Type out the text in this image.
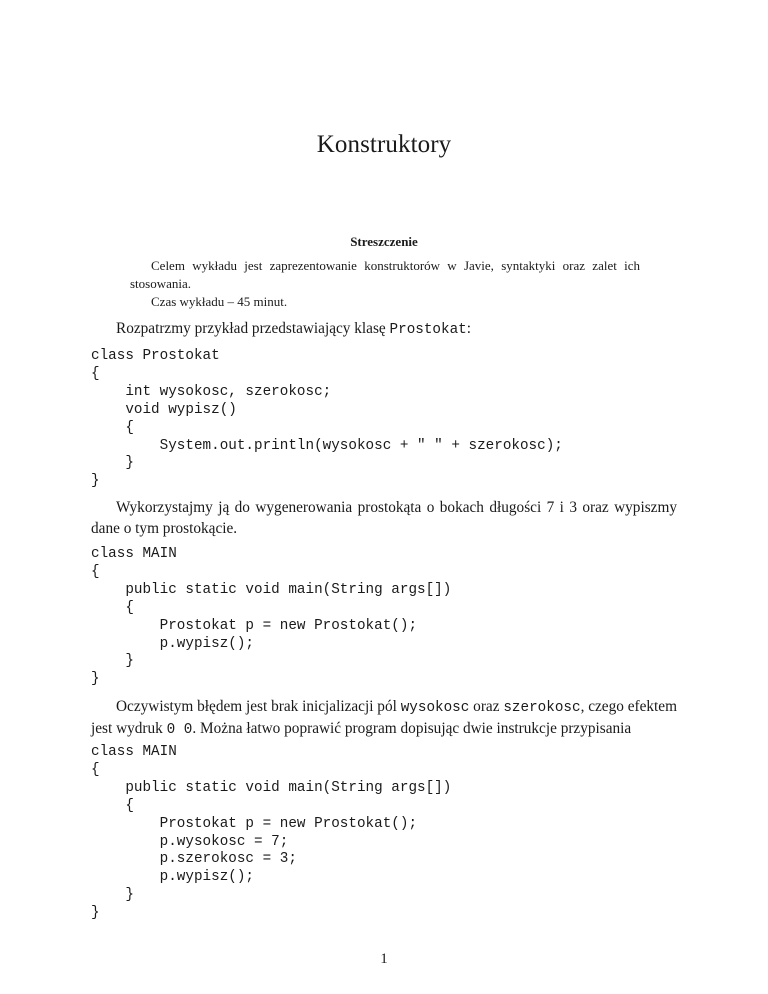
Konstruktory
Streszczenie

Celem wykładu jest zaprezentowanie konstruktorów w Javie, syntaktyki oraz zalet ich stosowania.

Czas wykładu – 45 minut.

Rozpatrzmy przykład przedstawiający klasę Prostokat:

class Prostokat
{
int wysokosc, szerokosc;
void wypisz()
{
System.out.println(wysokosc + " " + szerokosc);
}
}

Wykorzystajmy ją do wygenerowania prostokąta o bokach długości 7 i 3 oraz wypiszmy dane o tym prostokącie.

class MAIN
{
public static void main(String args[])
{
Prostokat p = new Prostokat();
p.wypisz();
}
}

Oczywistym błędem jest brak inicjalizacji pól wysokosc oraz szerokosc, czego efektem jest wydruk 0 0. Można łatwo poprawić program dopisując dwie instrukcje przypisania

class MAIN
{
public static void main(String args[])
{
Prostokat p = new Prostokat();
p.wysokosc = 7;
p.szerokosc = 3;
p.wypisz();
}
}
1
